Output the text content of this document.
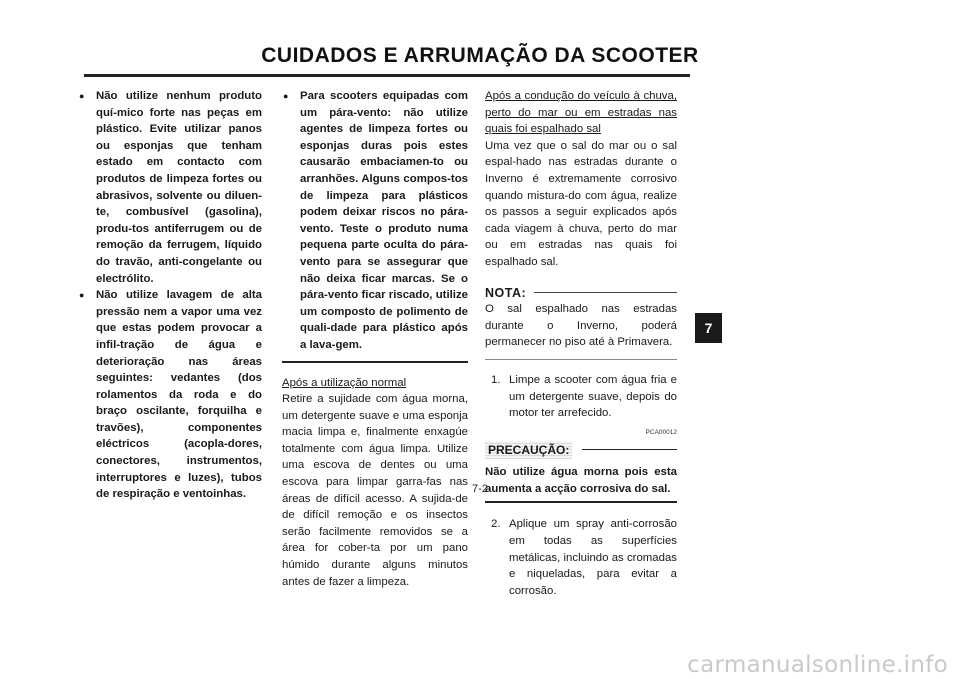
CUIDADOS E ARRUMAÇÃO DA SCOOTER
● Não utilize nenhum produto quí-mico forte nas peças em plástico. Evite utilizar panos ou esponjas que tenham estado em contacto com produtos de limpeza fortes ou abrasivos, solvente ou diluen-te, combusível (gasolina), produ-tos antiferrugem ou de remoção da ferrugem, líquido do travão, anti-congelante ou electrólito.
● Não utilize lavagem de alta pressão nem a vapor uma vez que estas podem provocar a infil-tração de água e deterioração nas áreas seguintes: vedantes (dos rolamentos da roda e do braço oscilante, forquilha e travões), componentes eléctricos (acopla-dores, conectores, instrumentos, interruptores e luzes), tubos de respiração e ventoinhas.
● Para scooters equipadas com um pára-vento: não utilize agentes de limpeza fortes ou esponjas duras pois estes causarão embaciamen-to ou arranhões. Alguns compos-tos de limpeza para plásticos podem deixar riscos no pára-vento. Teste o produto numa pequena parte oculta do pára-vento para se assegurar que não deixa ficar marcas. Se o pára-vento ficar riscado, utilize um composto de polimento de quali-dade para plástico após a lava-gem.

Após a utilização normal

Retire a sujidade com água morna, um detergente suave e uma esponja macia limpa e, finalmente enxagúe totalmente com água limpa. Utilize uma escova de dentes ou uma escova para limpar garra-fas nas áreas de difícil acesso. A sujida-de de difícil remoção e os insectos serão facilmente removidos se a área for cober-ta por um pano húmido durante alguns minutos antes de fazer a limpeza.

Após a condução do veículo à chuva, perto do mar ou em estradas nas quais foi espalhado sal

Uma vez que o sal do mar ou o sal espal-hado nas estradas durante o Inverno é extremamente corrosivo quando mistura-do com água, realize os passos a seguir explicados após cada viagem à chuva, perto do mar ou em estradas nas quais foi espalhado sal.

NOTA:

O sal espalhado nas estradas durante o Inverno, poderá permanecer no piso até à Primavera.

1. Limpe a scooter com água fria e um detergente suave, depois do motor ter arrefecido.
PCA00012
PRECAUÇÃO:

Não utilize água morna pois esta aumenta a acção corrosiva do sal.

2. Aplique um spray anti-corrosão em todas as superfícies metálicas, incluindo as cromadas e niqueladas, para evitar a corrosão.
7-2
7
carmanualsonline.info
